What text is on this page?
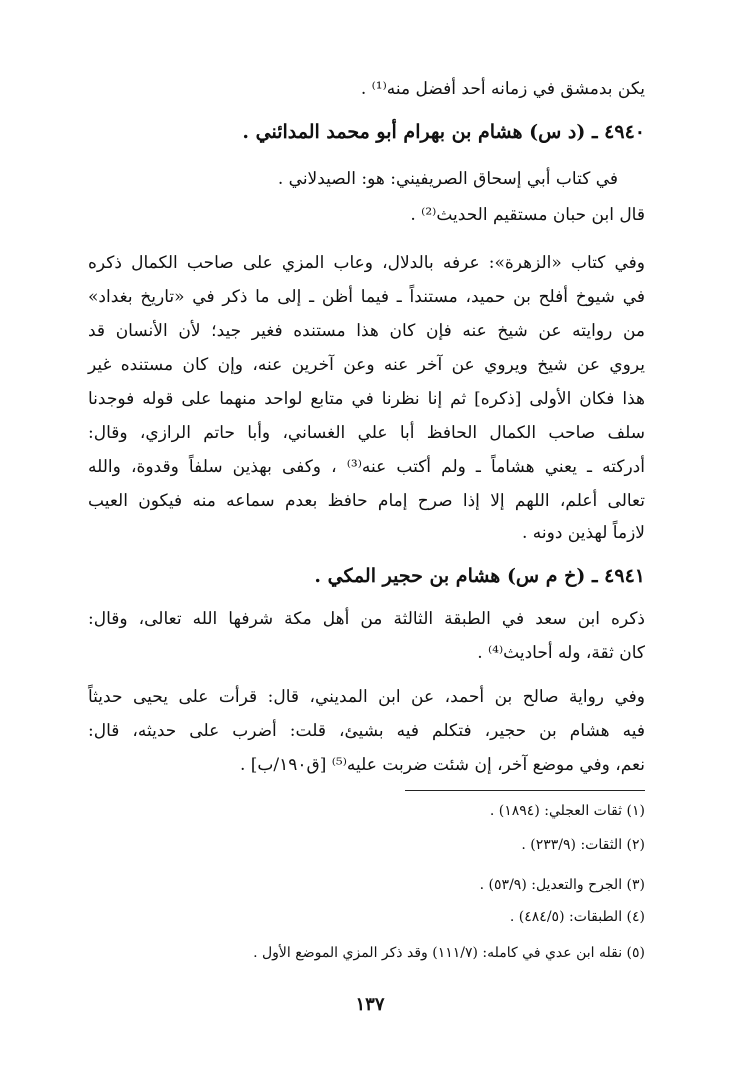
يكن بدمشق في زمانه أحد أفضل منه⁽¹⁾ .
٤٩٤٠ ـ (د س) هشام بن بهرام أبو محمد المدائني .
في كتاب أبي إسحاق الصريفيني: هو: الصيدلاني .
قال ابن حبان مستقيم الحديث⁽²⁾ .
وفي كتاب «الزهرة»: عرفه بالدلال، وعاب المزي على صاحب الكمال ذكره
في شيوخ أفلح بن حميد، مستنداً ـ فيما أظن ـ إلى ما ذكر في «تاريخ بغداد»
من روايته عن شيخ عنه فإن كان هذا مستنده فغير جيد؛ لأن الأنسان قد
يروي عن شيخ ويروي عن آخر عنه وعن آخرين عنه، وإن كان مستنده غير
هذا فكان الأولى [ذكره] ثم إنا نظرنا في متابع لواحد منهما على قوله فوجدنا
سلف صاحب الكمال الحافظ أبا علي الغساني، وأبا حاتم الرازي، وقال:
أدركته ـ يعني هشاماً ـ ولم أكتب عنه⁽³⁾ ، وكفى بهذين سلفاً وقدوة، والله
تعالى أعلم، اللهم إلا إذا صرح إمام حافظ بعدم سماعه منه فيكون العيب
لازماً لهذين دونه .
٤٩٤١ ـ (خ م س) هشام بن حجير المكي .
ذكره ابن سعد في الطبقة الثالثة من أهل مكة شرفها الله تعالى، وقال:
كان ثقة، وله أحاديث⁽⁴⁾ .
وفي رواية صالح بن أحمد، عن ابن المديني، قال: قرأت على يحيى حديثاً
فيه هشام بن حجير، فتكلم فيه بشيئ، قلت: أضرب على حديثه، قال:
نعم، وفي موضع آخر، إن شئت ضربت عليه⁽⁵⁾ [ق١٩٠/ب] .
(١) ثقات العجلي: (١٨٩٤) .
(٢) الثقات: (٢٣٣/٩) .
(٣) الجرح والتعديل: (٥٣/٩) .
(٤) الطبقات: (٤٨٤/٥) .
(٥) نقله ابن عدي في كامله: (١١١/٧) وقد ذكر المزي الموضع الأول .
١٣٧
